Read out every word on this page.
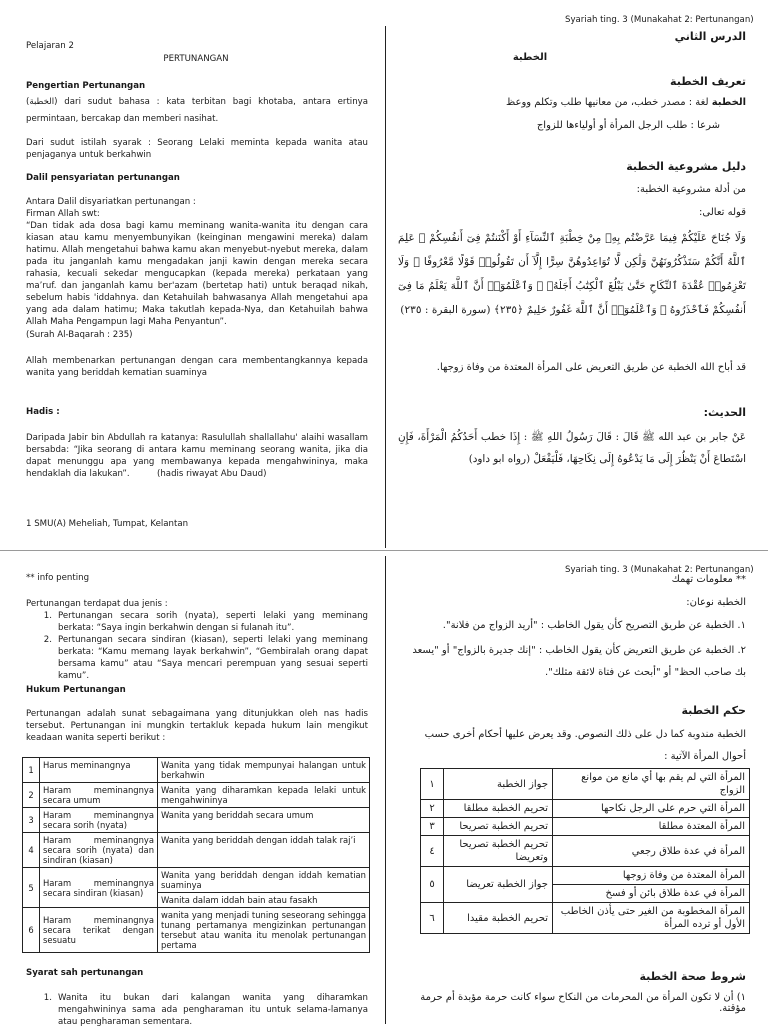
Syariah ting. 3 (Munakahat 2: Pertunangan)
Pelajaran 2
PERTUNANGAN
Pengertian Pertunangan
(الخطبة) dari sudut bahasa : kata terbitan bagi khotaba, antara ertinya permintaan, bercakap dan memberi nasihat.
Dari sudut istilah syarak : Seorang Lelaki meminta kepada wanita atau penjaganya untuk berkahwin
Dalil pensyariatan pertunangan
Antara Dalil disyariatkan pertunangan :
Firman Allah swt:
“Dan tidak ada dosa bagi kamu meminang wanita-wanita itu dengan cara kiasan atau kamu menyembunyikan (keinginan mengawini mereka) dalam hatimu. Allah mengetahui bahwa kamu akan menyebut-nyebut mereka, dalam pada itu janganlah kamu mengadakan janji kawin dengan mereka secara rahasia, kecuali sekedar mengucapkan (kepada mereka) perkataan yang ma’ruf. dan janganlah kamu ber'azam (bertetap hati) untuk beraqad nikah, sebelum habis 'iddahnya. dan Ketahuilah bahwasanya Allah mengetahui apa yang ada dalam hatimu; Maka takutlah kepada-Nya, dan Ketahuilah bahwa Allah Maha Pengampun lagi Maha Penyantun”.
(Surah Al-Baqarah : 235)
Allah membenarkan pertunangan dengan cara membentangkannya kepada wanita yang beriddah kematian suaminya
Hadis :
Daripada Jabir bin Abdullah ra katanya: Rasulullah shallallahu' alaihi wasallam bersabda: “Jika seorang di antara kamu meminang seorang wanita, jika dia dapat menunggu apa yang membawanya kepada mengahwininya, maka hendaklah dia lakukan”.	(hadis riwayat Abu Daud)
1 SMU(A) Meheliah, Tumpat, Kelantan
الدرس الثاني
الخطبة
تعريف الخطبة
الخطبة لغة : مصدر خطب، من معانيها طلب وتكلم ووعظ
شرعا : طلب الرجل المرأة أو أولياءها للزواج
دليل مشروعية الخطبة
من أدلة مشروعية الخطبة:
قوله تعالى:
وَلَا جُنَاحَ عَلَيْكُمْ فِيمَا عَرَّضْتُم بِهِۦ مِنْ خِطْبَةِ ٱلنِّسَآءِ أَوْ أَكْنَنتُمْ فِىٓ أَنفُسِكُمْ ۚ عَلِمَ ٱللَّهُ أَنَّكُمْ سَتَذْكُرُونَهُنَّ وَلَٰكِن لَّا تُوَاعِدُوهُنَّ سِرًّا إِلَّآ أَن تَقُولُوا۟ قَوْلًا مَّعْرُوفًا ۚ وَلَا تَعْزِمُوا۟ عُقْدَةَ ٱلنِّكَاحِ حَتَّىٰ يَبْلُغَ ٱلْكِتَٰبُ أَجَلَهُۥ ۚ وَٱعْلَمُوٓا۟ أَنَّ ٱللَّهَ يَعْلَمُ مَا فِىٓ أَنفُسِكُمْ فَٱحْذَرُوهُ ۚ وَٱعْلَمُوٓا۟ أَنَّ ٱللَّهَ غَفُورٌ حَلِيمٌ ﴿٢٣٥﴾ (سورة البقرة : ٢٣٥)
قد أباح الله الخطبة عن طريق التعريض على المرأة المعتدة من وفاة زوجها.
الحديث:
عَنْ جابر بن عبد الله ﷺ قَالَ : قَالَ رَسُولُ اللهِ ﷺ : إِذَا خطب أَحَدُكُمُ الْمَرْأَةَ، فَإِنِ اسْتَطاعَ أَنْ يَنْظُرَ إِلَى مَا يَدْعُوهُ إِلَى نِكَاحِهَا، فَلْيَفْعَلْ (رواه ابو داود)
Syariah ting. 3 (Munakahat 2: Pertunangan)
** info penting
Pertunangan terdapat dua jenis :
1. Pertunangan secara sorih (nyata), seperti lelaki yang meminang berkata: “Saya ingin berkahwin dengan si fulanah itu”.
2. Pertunangan secara sindiran (kiasan), seperti lelaki yang meminang berkata: “Kamu memang layak berkahwin”, “Gembiralah orang dapat bersama kamu” atau “Saya mencari perempuan yang sesuai seperti kamu”.
Hukum Pertunangan
Pertunangan adalah sunat sebagaimana yang ditunjukkan oleh nas hadis tersebut. Pertunangan ini mungkin tertakluk kepada hukum lain mengikut keadaan wanita seperti berikut :
1	Harus meminangnya	Wanita yang tidak mempunyai halangan untuk berkahwin
2	Haram meminangnya secara umum	Wanita yang diharamkan kepada lelaki untuk mengahwininya
3	Haram meminangnya secara sorih (nyata)	Wanita yang beriddah secara umum
4	Haram meminangnya secara sorih (nyata) dan sindiran (kiasan)	Wanita yang beriddah dengan iddah talak raj’i
5	Haram meminangnya secara sindiran (kiasan)	Wanita yang beriddah dengan iddah kematian suaminya
		Wanita dalam iddah bain atau fasakh
6	Haram meminangnya secara terikat dengan sesuatu	wanita yang menjadi tuning seseorang sehingga tunang pertamanya mengizinkan pertunangan tersebut atau wanita itu menolak pertunangan pertama
Syarat sah pertunangan
1. Wanita itu bukan dari kalangan wanita yang diharamkan mengahwininya sama ada pengharaman itu untuk selama-lamanya atau pengharaman sementara.
** معلومات تهمك
الخطبة نوعان:
١. الخطبة عن طريق التصريح كأن يقول الخاطب : "أريد الزواج من فلانة".
٢. الخطبة عن طريق التعريض كأن يقول الخاطب : "إنك جديرة بالزواج" أو "يسعد بك صاحب الحظ" أو "أبحث عن فتاة لائقة مثلك".
حكم الخطبة
الخطبة مندوبة كما دل على ذلك النصوص. وقد يعرض عليها أحكام أخرى حسب أحوال المرأة الآتية :
١	جواز الخطبة	المرأة التي لم يقم بها أي مانع من موانع الزواج
٢	تحريم الخطبة مطلقا	المرأة التي حرم على الرجل نكاحها
٣	تحريم الخطبة تصريحا	المرأة المعتدة مطلقا
٤	تحريم الخطبة تصريحا وتعريضا	المرأة في عدة طلاق رجعي
٥	جواز الخطبة تعريضا	المرأة المعتدة من وفاة زوجها
		المرأة في عدة طلاق بائن أو فسخ
٦	تحريم الخطبة مقيدا	المرأة المخطوبة من الغير حتى يأذن الخاطب الأول أو ترده المرأة
شروط صحة الخطبة
١) أن لا تكون المرأة من المحرمات من النكاح سواء كانت حرمة مؤبدة أم حرمة مؤقتة.
